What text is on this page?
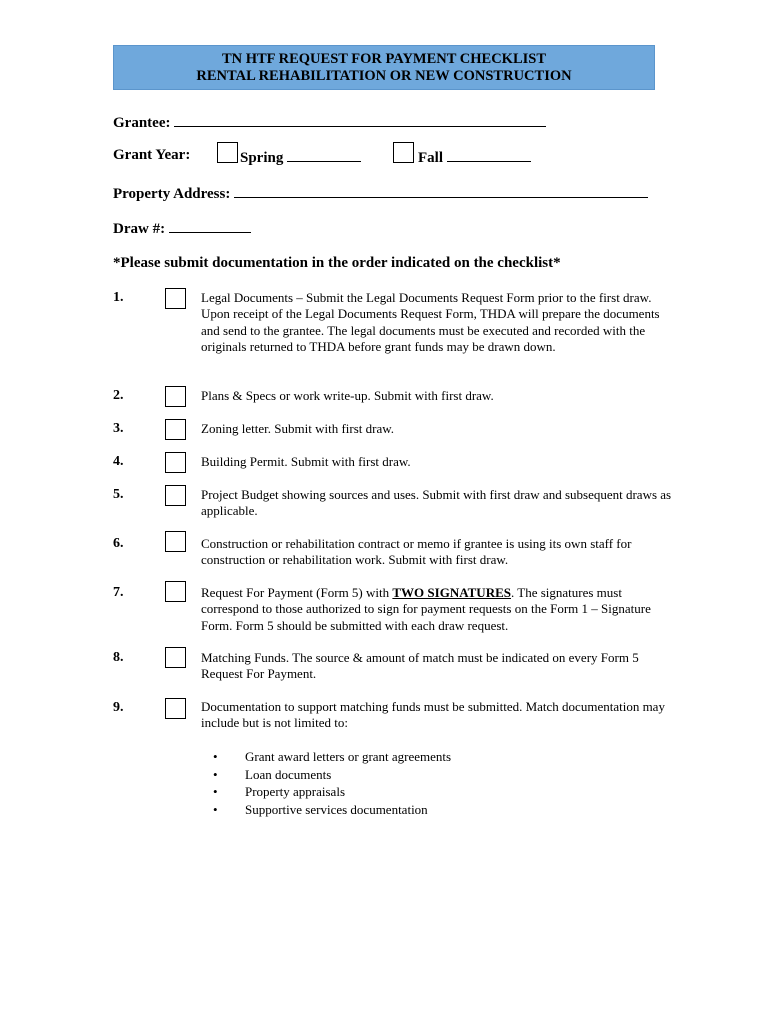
TN HTF REQUEST FOR PAYMENT CHECKLIST
RENTAL REHABILITATION OR NEW CONSTRUCTION
Grantee:
Grant Year:	Spring	Fall
Property Address:
Draw #:
*Please submit documentation in the order indicated on the checklist*
1.	Legal Documents – Submit the Legal Documents Request Form prior to the first draw. Upon receipt of the Legal Documents Request Form, THDA will prepare the documents and send to the grantee. The legal documents must be executed and recorded with the originals returned to THDA before grant funds may be drawn down.
2.	Plans & Specs or work write-up. Submit with first draw.
3.	Zoning letter. Submit with first draw.
4.	Building Permit. Submit with first draw.
5.	Project Budget showing sources and uses. Submit with first draw and subsequent draws as applicable.
6.	Construction or rehabilitation contract or memo if grantee is using its own staff for construction or rehabilitation work. Submit with first draw.
7.	Request For Payment (Form 5) with TWO SIGNATURES. The signatures must correspond to those authorized to sign for payment requests on the Form 1 – Signature Form. Form 5 should be submitted with each draw request.
8.	Matching Funds. The source & amount of match must be indicated on every Form 5 Request For Payment.
9.	Documentation to support matching funds must be submitted. Match documentation may include but is not limited to:
• Grant award letters or grant agreements
• Loan documents
• Property appraisals
• Supportive services documentation
